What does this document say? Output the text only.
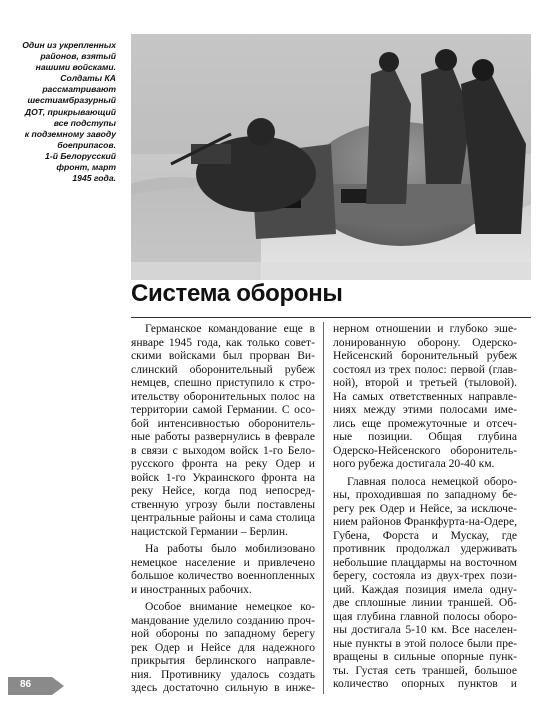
Один из укрепленных
районов, взятый
нашими войсками.
Солдаты КА
рассматривают
шестиамбразурный
ДОТ, прикрывающий
все подступы
к подземному заводу
боеприпасов.
1-й Белорусский
фронт, март
1945 года.
Система обороны
Германское командование еще в
январе 1945 года, как только совет-
скими войсками был прорван Ви-
слинский оборонительный рубеж
немцев, спешно приступило к стро-
ительству оборонительных полос на
территории самой Германии. С осо-
бой интенсивностью оборонитель-
ные работы развернулись в феврале
в связи с выходом войск 1-го Бело-
русского фронта на реку Одер и
войск 1-го Украинского фронта на
реку Нейсе, когда под непосред-
ственную угрозу были поставлены
центральные районы и сама столица
нацистской Германии – Берлин.
На работы было мобилизовано
немецкое население и привлечено
большое количество военнопленных
и иностранных рабочих.
Особое внимание немецкое ко-
мандование уделило созданию проч-
ной обороны по западному берегу
рек Одер и Нейсе для надежного
прикрытия берлинского направле-
ния. Противнику удалось создать
здесь достаточно сильную в инже-
нерном отношении и глубоко эше-
лонированную оборону. Одерско-
Нейсенский боронительный рубеж
состоял из трех полос: первой (глав-
ной), второй и третьей (тыловой).
На самых ответственных направле-
ниях между этими полосами име-
лись еще промежуточные и отсеч-
ные позиции. Общая глубина
Одерско-Нейсенского оборонитель-
ного рубежа достигала 20-40 км.
Главная полоса немецкой оборо-
ны, проходившая по западному бе-
регу рек Одер и Нейсе, за исключе-
нием районов Франкфурта-на-Одере,
Губена, Форста и Мускау, где
противник продолжал удерживать
небольшие плацдармы на восточном
берегу, состояла из двух-трех пози-
ций. Каждая позиция имела одну-
две сплошные линии траншей. Об-
щая глубина главной полосы оборо-
ны достигала 5-10 км. Все населен-
ные пункты в этой полосе были пре-
вращены в сильные опорные пунк-
ты. Густая сеть траншей, большое
количество опорных пунктов и
86
